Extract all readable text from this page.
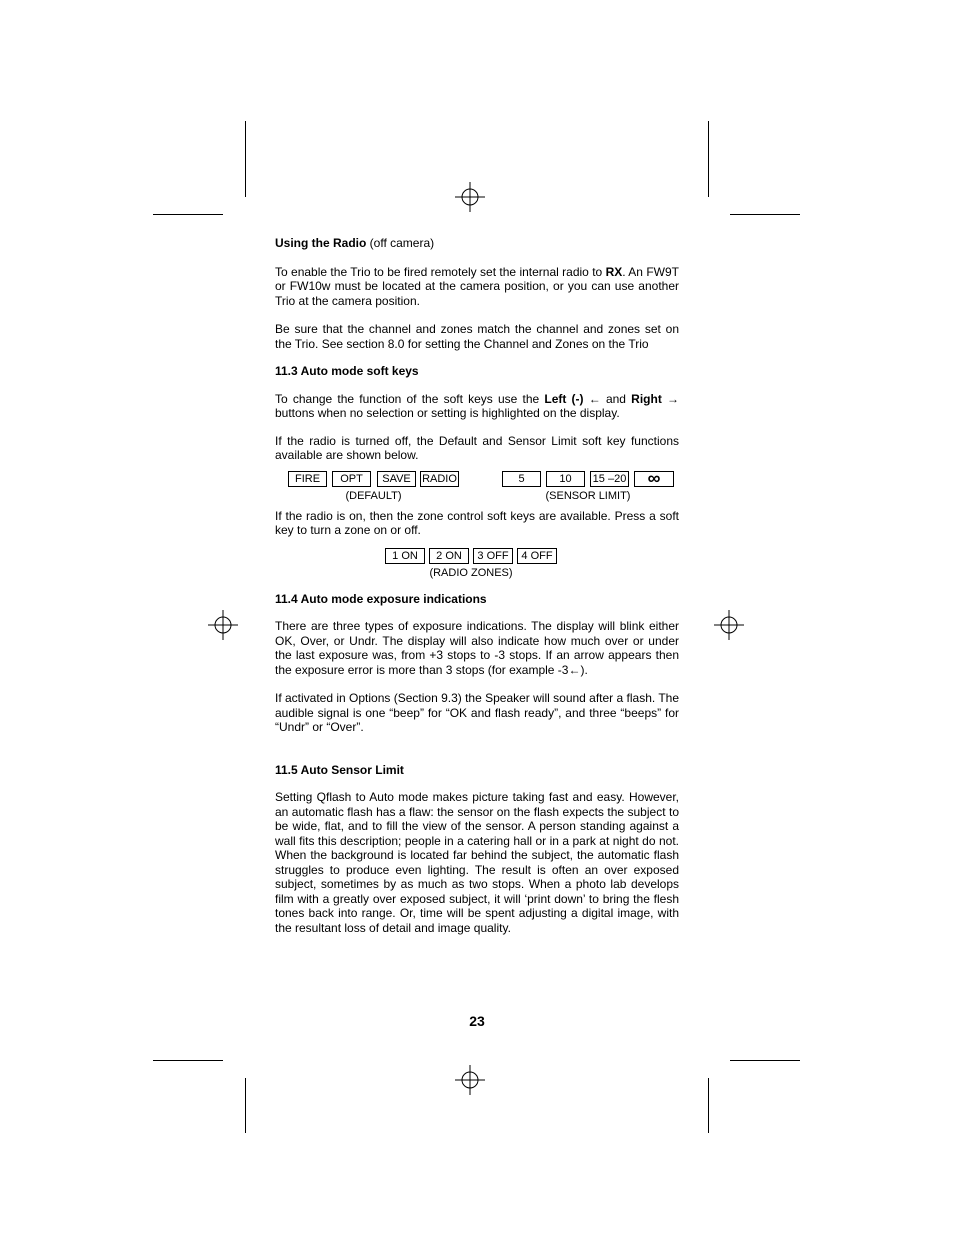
Using the Radio (off camera)

To enable the Trio to be fired remotely set the internal radio to RX. An FW9T or FW10w must be located at the camera position, or you can use another Trio at the camera position.

Be sure that the channel and zones match the channel and zones set on the Trio. See section 8.0 for setting the Channel and Zones on the Trio

11.3 Auto mode soft keys

To change the function of the soft keys use the Left (-) ← and Right → buttons when no selection or setting is highlighted on the display.

If the radio is turned off, the Default and Sensor Limit soft key functions available are shown below.

FIRE	OPT	SAVE	RADIO
(DEFAULT)
5	10	15 –20	∞
(SENSOR LIMIT)

If the radio is on, then the zone control soft keys are available. Press a soft key to turn a zone on or off.

1 ON	2 ON	3 OFF	4 OFF
(RADIO ZONES)
11.4 Auto mode exposure indications

There are three types of exposure indications. The display will blink either OK, Over, or Undr. The display will also indicate how much over or under the last exposure was, from +3 stops to -3 stops. If an arrow appears then the exposure error is more than 3 stops (for example -3←).

If activated in Options (Section 9.3) the Speaker will sound after a flash. The audible signal is one “beep” for “OK and flash ready”, and three “beeps” for “Undr” or “Over”.

11.5 Auto Sensor Limit

Setting Qflash to Auto mode makes picture taking fast and easy. However, an automatic flash has a flaw: the sensor on the flash expects the subject to be wide, flat, and to fill the view of the sensor. A person standing against a wall fits this description; people in a catering hall or in a park at night do not. When the background is located far behind the subject, the automatic flash struggles to produce even lighting. The result is often an over exposed subject, sometimes by as much as two stops. When a photo lab develops film with a greatly over exposed subject, it will ‘print down’ to bring the flesh tones back into range. Or, time will be spent adjusting a digital image, with the resultant loss of detail and image quality.

23
